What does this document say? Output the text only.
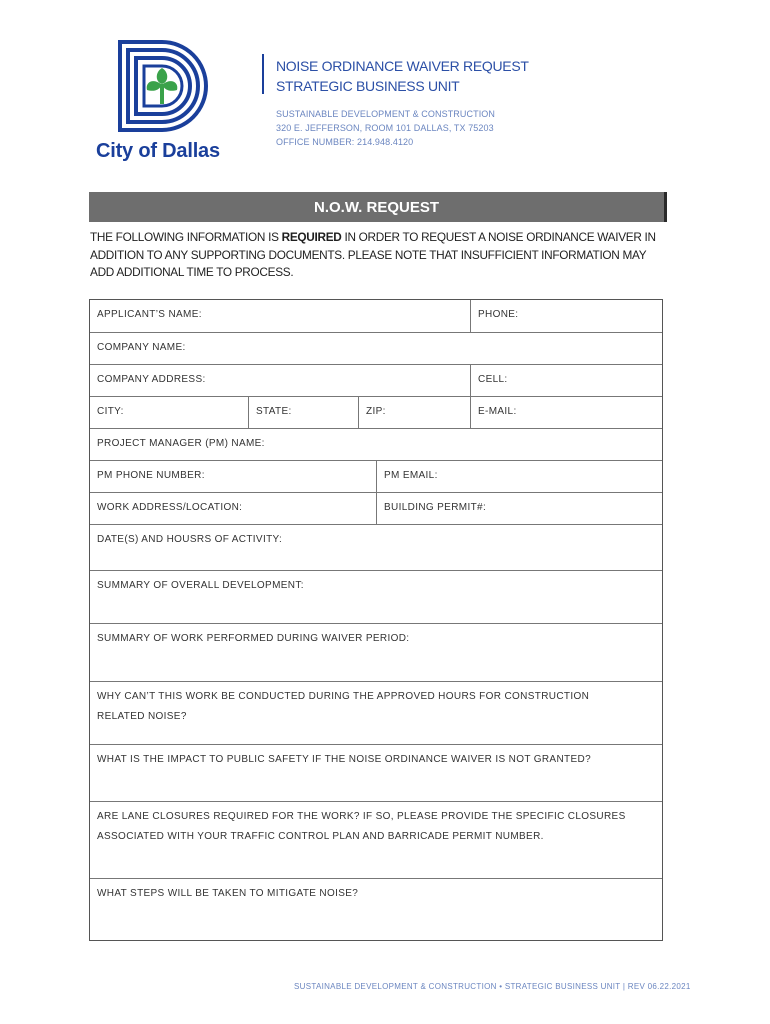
City of Dallas
NOISE ORDINANCE WAIVER REQUEST
STRATEGIC BUSINESS UNIT
SUSTAINABLE DEVELOPMENT & CONSTRUCTION
320 E. JEFFERSON, ROOM 101 DALLAS, TX 75203
OFFICE NUMBER: 214.948.4120
N.O.W. REQUEST
THE FOLLOWING INFORMATION IS REQUIRED IN ORDER TO REQUEST A NOISE ORDINANCE WAIVER IN ADDITION TO ANY SUPPORTING DOCUMENTS. PLEASE NOTE THAT INSUFFICIENT INFORMATION MAY ADD ADDITIONAL TIME TO PROCESS.
APPLICANT’S NAME:	PHONE:
COMPANY NAME:
COMPANY ADDRESS:	CELL:
CITY:	STATE:	ZIP:	E-MAIL:
PROJECT MANAGER (PM) NAME:
PM PHONE NUMBER:	PM EMAIL:
WORK ADDRESS/LOCATION:	BUILDING PERMIT#:
DATE(S) AND HOUSRS OF ACTIVITY:
SUMMARY OF OVERALL DEVELOPMENT:
SUMMARY OF WORK PERFORMED DURING WAIVER PERIOD:
WHY CAN’T THIS WORK BE CONDUCTED DURING THE APPROVED HOURS FOR CONSTRUCTION RELATED NOISE?
WHAT IS THE IMPACT TO PUBLIC SAFETY IF THE NOISE ORDINANCE WAIVER IS NOT GRANTED?
ARE LANE CLOSURES REQUIRED FOR THE WORK? IF SO, PLEASE PROVIDE THE SPECIFIC CLOSURES ASSOCIATED WITH YOUR TRAFFIC CONTROL PLAN AND BARRICADE PERMIT NUMBER.
WHAT STEPS WILL BE TAKEN TO MITIGATE NOISE?
SUSTAINABLE DEVELOPMENT & CONSTRUCTION • STRATEGIC BUSINESS UNIT | REV 06.22.2021
